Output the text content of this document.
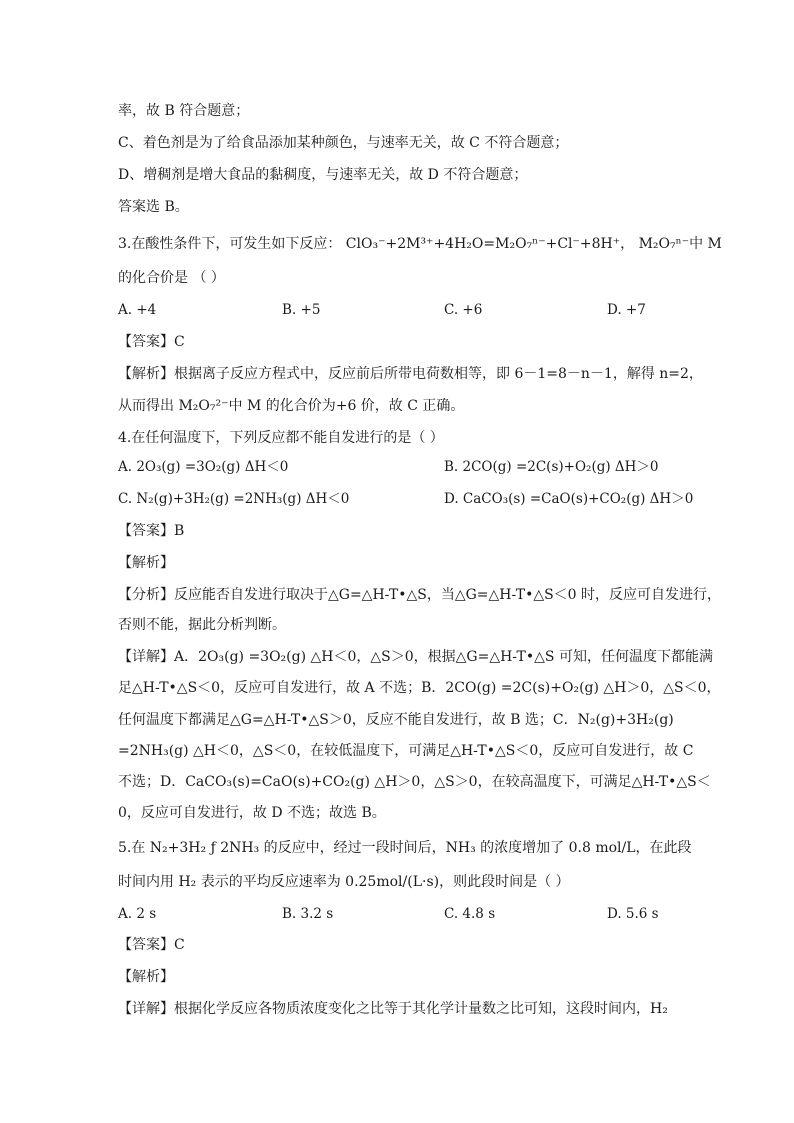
率，故 B 符合题意；
C、着色剂是为了给食品添加某种颜色，与速率无关，故 C 不符合题意；
D、增稠剂是增大食品的黏稠度，与速率无关，故 D 不符合题意；
答案选 B。
3.在酸性条件下，可发生如下反应： ClO₃⁻+2M³⁺+4H₂O=M₂O₇ⁿ⁻+Cl⁻+8H⁺， M₂O₇ⁿ⁻中 M
的化合价是 （ ）
A. +4	B. +5	C. +6	D. +7
【答案】C
【解析】根据离子反应方程式中，反应前后所带电荷数相等，即 6－1=8－n－1，解得 n=2，
从而得出 M₂O₇²⁻中 M 的化合价为+6 价，故 C 正确。
4.在任何温度下，下列反应都不能自发进行的是（ ）
A. 2O₃(g) =3O₂(g) ΔH＜0	B. 2CO(g) =2C(s)+O₂(g) ΔH＞0
C. N₂(g)+3H₂(g) =2NH₃(g) ΔH＜0	D. CaCO₃(s) =CaO(s)+CO₂(g) ΔH＞0
【答案】B
【解析】
【分析】反应能否自发进行取决于△G=△H-T•△S，当△G=△H-T•△S＜0 时，反应可自发进行，
否则不能，据此分析判断。
【详解】A．2O₃(g) =3O₂(g) △H＜0，△S＞0，根据△G=△H-T•△S 可知，任何温度下都能满
足△H-T•△S＜0，反应可自发进行，故 A 不选；B．2CO(g) =2C(s)+O₂(g) △H＞0，△S＜0，
任何温度下都满足△G=△H-T•△S＞0，反应不能自发进行，故 B 选；C．N₂(g)+3H₂(g)
=2NH₃(g) △H＜0，△S＜0，在较低温度下，可满足△H-T•△S＜0，反应可自发进行，故 C
不选；D．CaCO₃(s)=CaO(s)+CO₂(g) △H＞0，△S＞0，在较高温度下，可满足△H-T•△S＜
0，反应可自发进行，故 D 不选；故选 B。
5.在 N₂+3H₂ ƒ 2NH₃ 的反应中，经过一段时间后，NH₃ 的浓度增加了 0.8 mol/L，在此段
时间内用 H₂ 表示的平均反应速率为 0.25mol/(L·s)，则此段时间是（ ）
A. 2 s	B. 3.2 s	C. 4.8 s	D. 5.6 s
【答案】C
【解析】
【详解】根据化学反应各物质浓度变化之比等于其化学计量数之比可知，这段时间内，H₂
